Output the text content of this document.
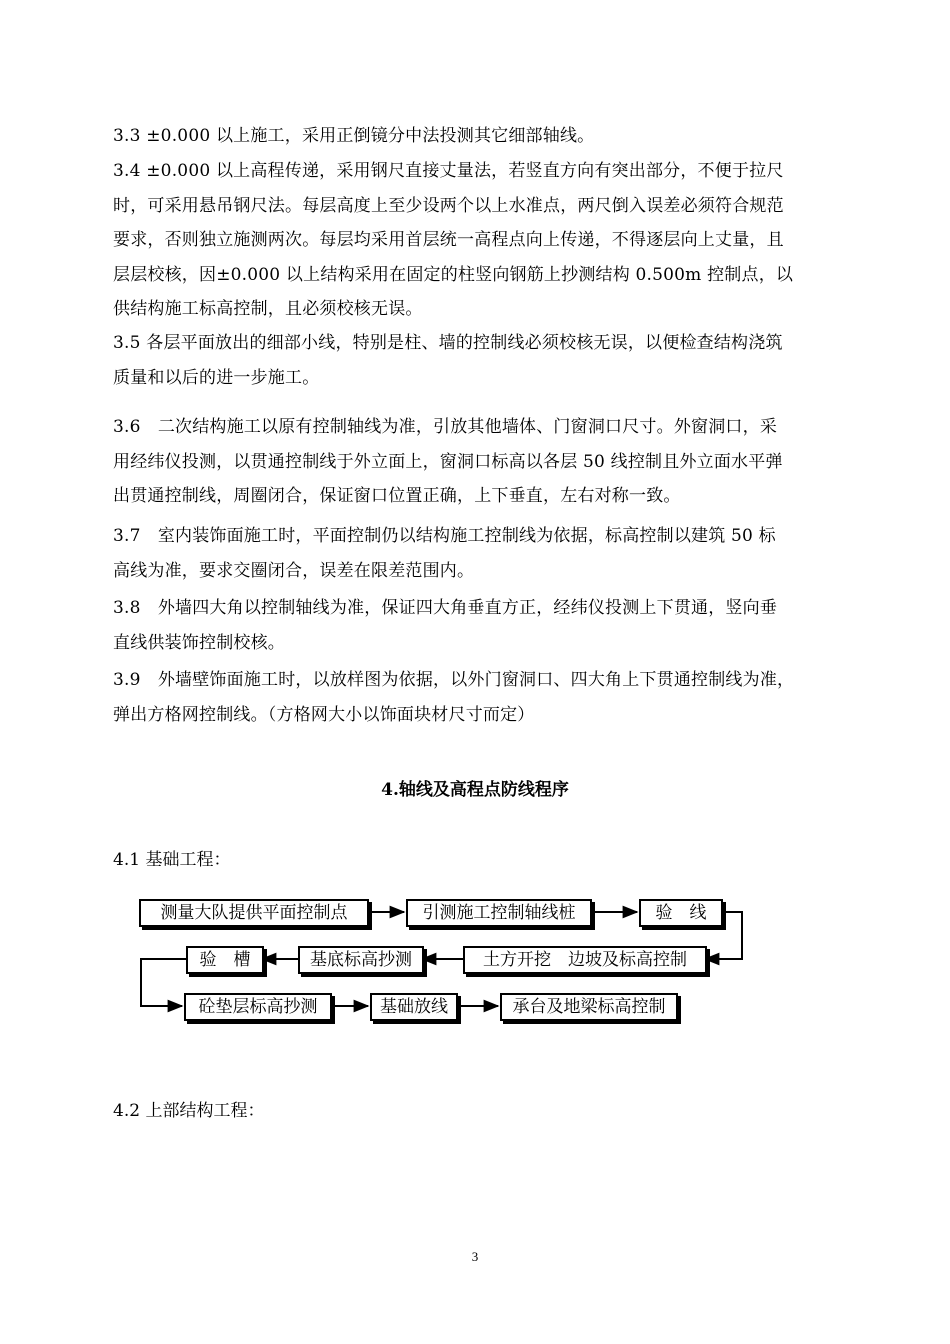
3.3 ±0.000 以上施工，采用正倒镜分中法投测其它细部轴线。
3.4 ±0.000 以上高程传递，采用钢尺直接丈量法，若竖直方向有突出部分，不便于拉尺
时，可采用悬吊钢尺法。每层高度上至少设两个以上水准点，两尺倒入误差必须符合规范
要求，否则独立施测两次。每层均采用首层统一高程点向上传递，不得逐层向上丈量，且
层层校核，因±0.000 以上结构采用在固定的柱竖向钢筋上抄测结构 0.500m 控制点，以
供结构施工标高控制，且必须校核无误。
3.5 各层平面放出的细部小线，特别是柱、墙的控制线必须校核无误，以便检查结构浇筑
质量和以后的进一步施工。
3.6　二次结构施工以原有控制轴线为准，引放其他墙体、门窗洞口尺寸。外窗洞口，采
用经纬仪投测，以贯通控制线于外立面上，窗洞口标高以各层 50 线控制且外立面水平弹
出贯通控制线，周圈闭合，保证窗口位置正确，上下垂直，左右对称一致。
3.7　室内装饰面施工时，平面控制仍以结构施工控制线为依据，标高控制以建筑 50 标
高线为准，要求交圈闭合，误差在限差范围内。
3.8　外墙四大角以控制轴线为准，保证四大角垂直方正，经纬仪投测上下贯通，竖向垂
直线供装饰控制校核。
3.9　外墙壁饰面施工时，以放样图为依据，以外门窗洞口、四大角上下贯通控制线为准，
弹出方格网控制线。（方格网大小以饰面块材尺寸而定）

4.轴线及高程点防线程序

4.1 基础工程：

测量大队提供平面控制点	引测施工控制轴线桩	验　线
土方开挖　边坡及标高控制
基底标高抄测
验　槽
砼垫层标高抄测	基础放线	承台及地梁标高控制

4.2 上部结构工程：

3
